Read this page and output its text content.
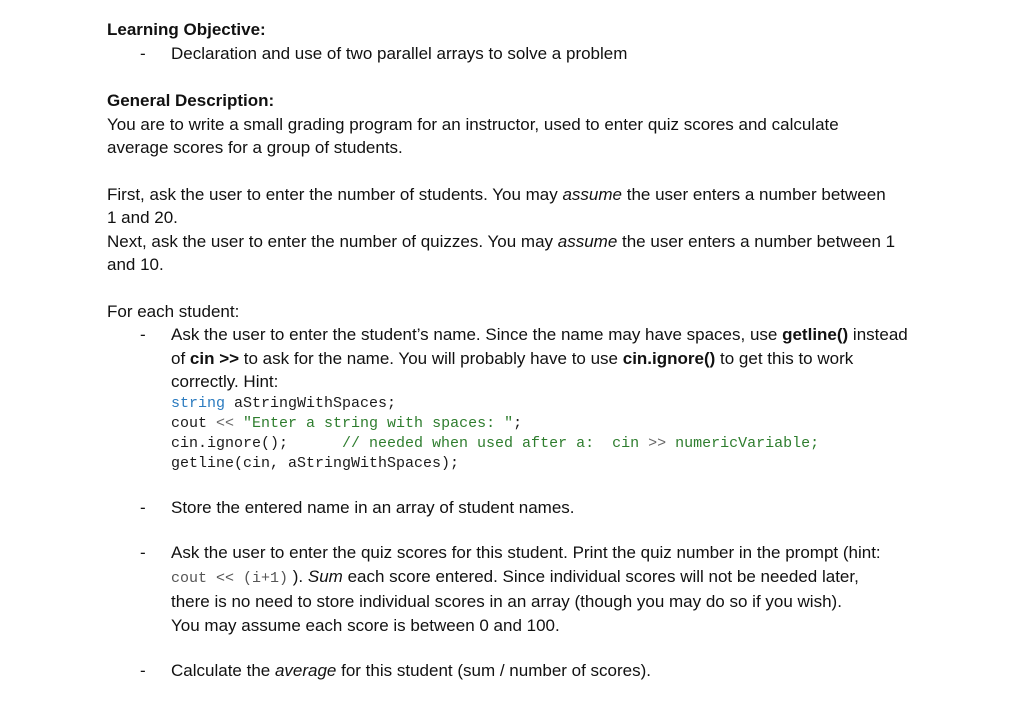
Learning Objective:
- Declaration and use of two parallel arrays to solve a problem
General Description:
You are to write a small grading program for an instructor, used to enter quiz scores and calculate
average scores for a group of students.
First, ask the user to enter the number of students. You may assume the user enters a number between
1 and 20.
Next, ask the user to enter the number of quizzes. You may assume the user enters a number between 1
and 10.
For each student:
- Ask the user to enter the student’s name. Since the name may have spaces, use getline() instead
of cin >> to ask for the name. You will probably have to use cin.ignore() to get this to work
correctly. Hint:
string aStringWithSpaces;
cout << "Enter a string with spaces: ";
cin.ignore();      // needed when used after a:  cin >> numericVariable;
getline(cin, aStringWithSpaces);
- Store the entered name in an array of student names.
- Ask the user to enter the quiz scores for this student. Print the quiz number in the prompt (hint:
cout << (i+1) ). Sum each score entered. Since individual scores will not be needed later,
there is no need to store individual scores in an array (though you may do so if you wish).
You may assume each score is between 0 and 100.
- Calculate the average for this student (sum / number of scores).
